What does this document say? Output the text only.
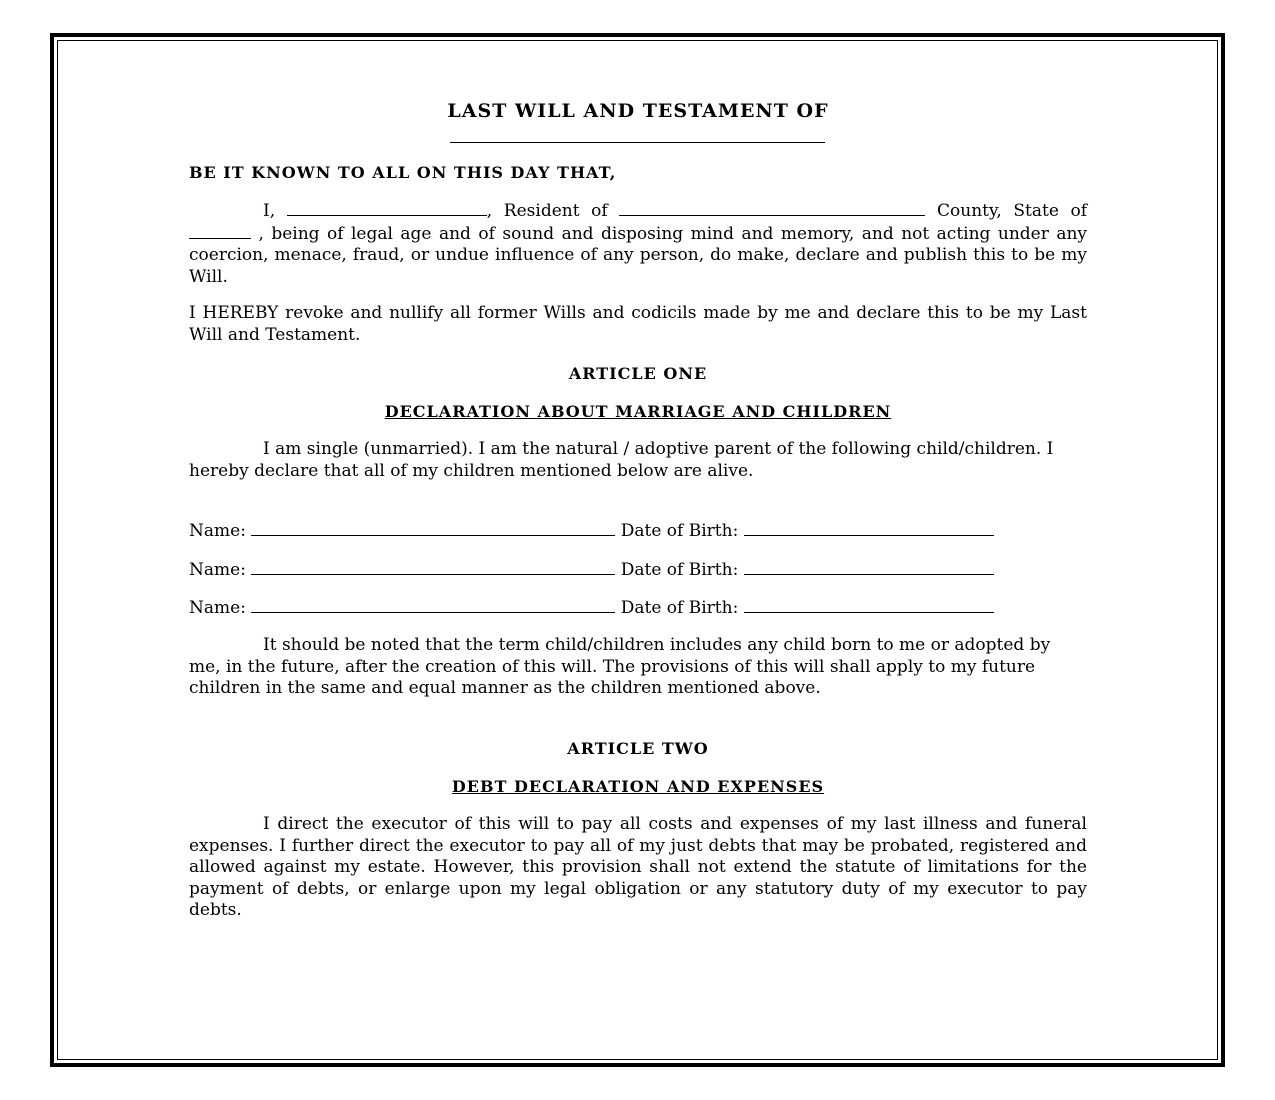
LAST WILL AND TESTAMENT OF
BE IT KNOWN TO ALL ON THIS DAY THAT,
I,	, Resident of	County, State of  , being of legal age and of sound and disposing mind and memory, and not acting under any coercion, menace, fraud, or undue influence of any person, do make, declare and publish this to be my Will.
I HEREBY revoke and nullify all former Wills and codicils made by me and declare this to be my Last Will and Testament.
ARTICLE ONE
DECLARATION ABOUT MARRIAGE AND CHILDREN
I am single (unmarried). I am the natural / adoptive parent of the following child/children. I hereby declare that all of my children mentioned below are alive.
Name:	Date of Birth:
Name:	Date of Birth:
Name:	Date of Birth:
It should be noted that the term child/children includes any child born to me or adopted by me, in the future, after the creation of this will. The provisions of this will shall apply to my future children in the same and equal manner as the children mentioned above.
ARTICLE TWO
DEBT DECLARATION AND EXPENSES
I direct the executor of this will to pay all costs and expenses of my last illness and funeral expenses. I further direct the executor to pay all of my just debts that may be probated, registered and allowed against my estate. However, this provision shall not extend the statute of limitations for the payment of debts, or enlarge upon my legal obligation or any statutory duty of my executor to pay debts.
